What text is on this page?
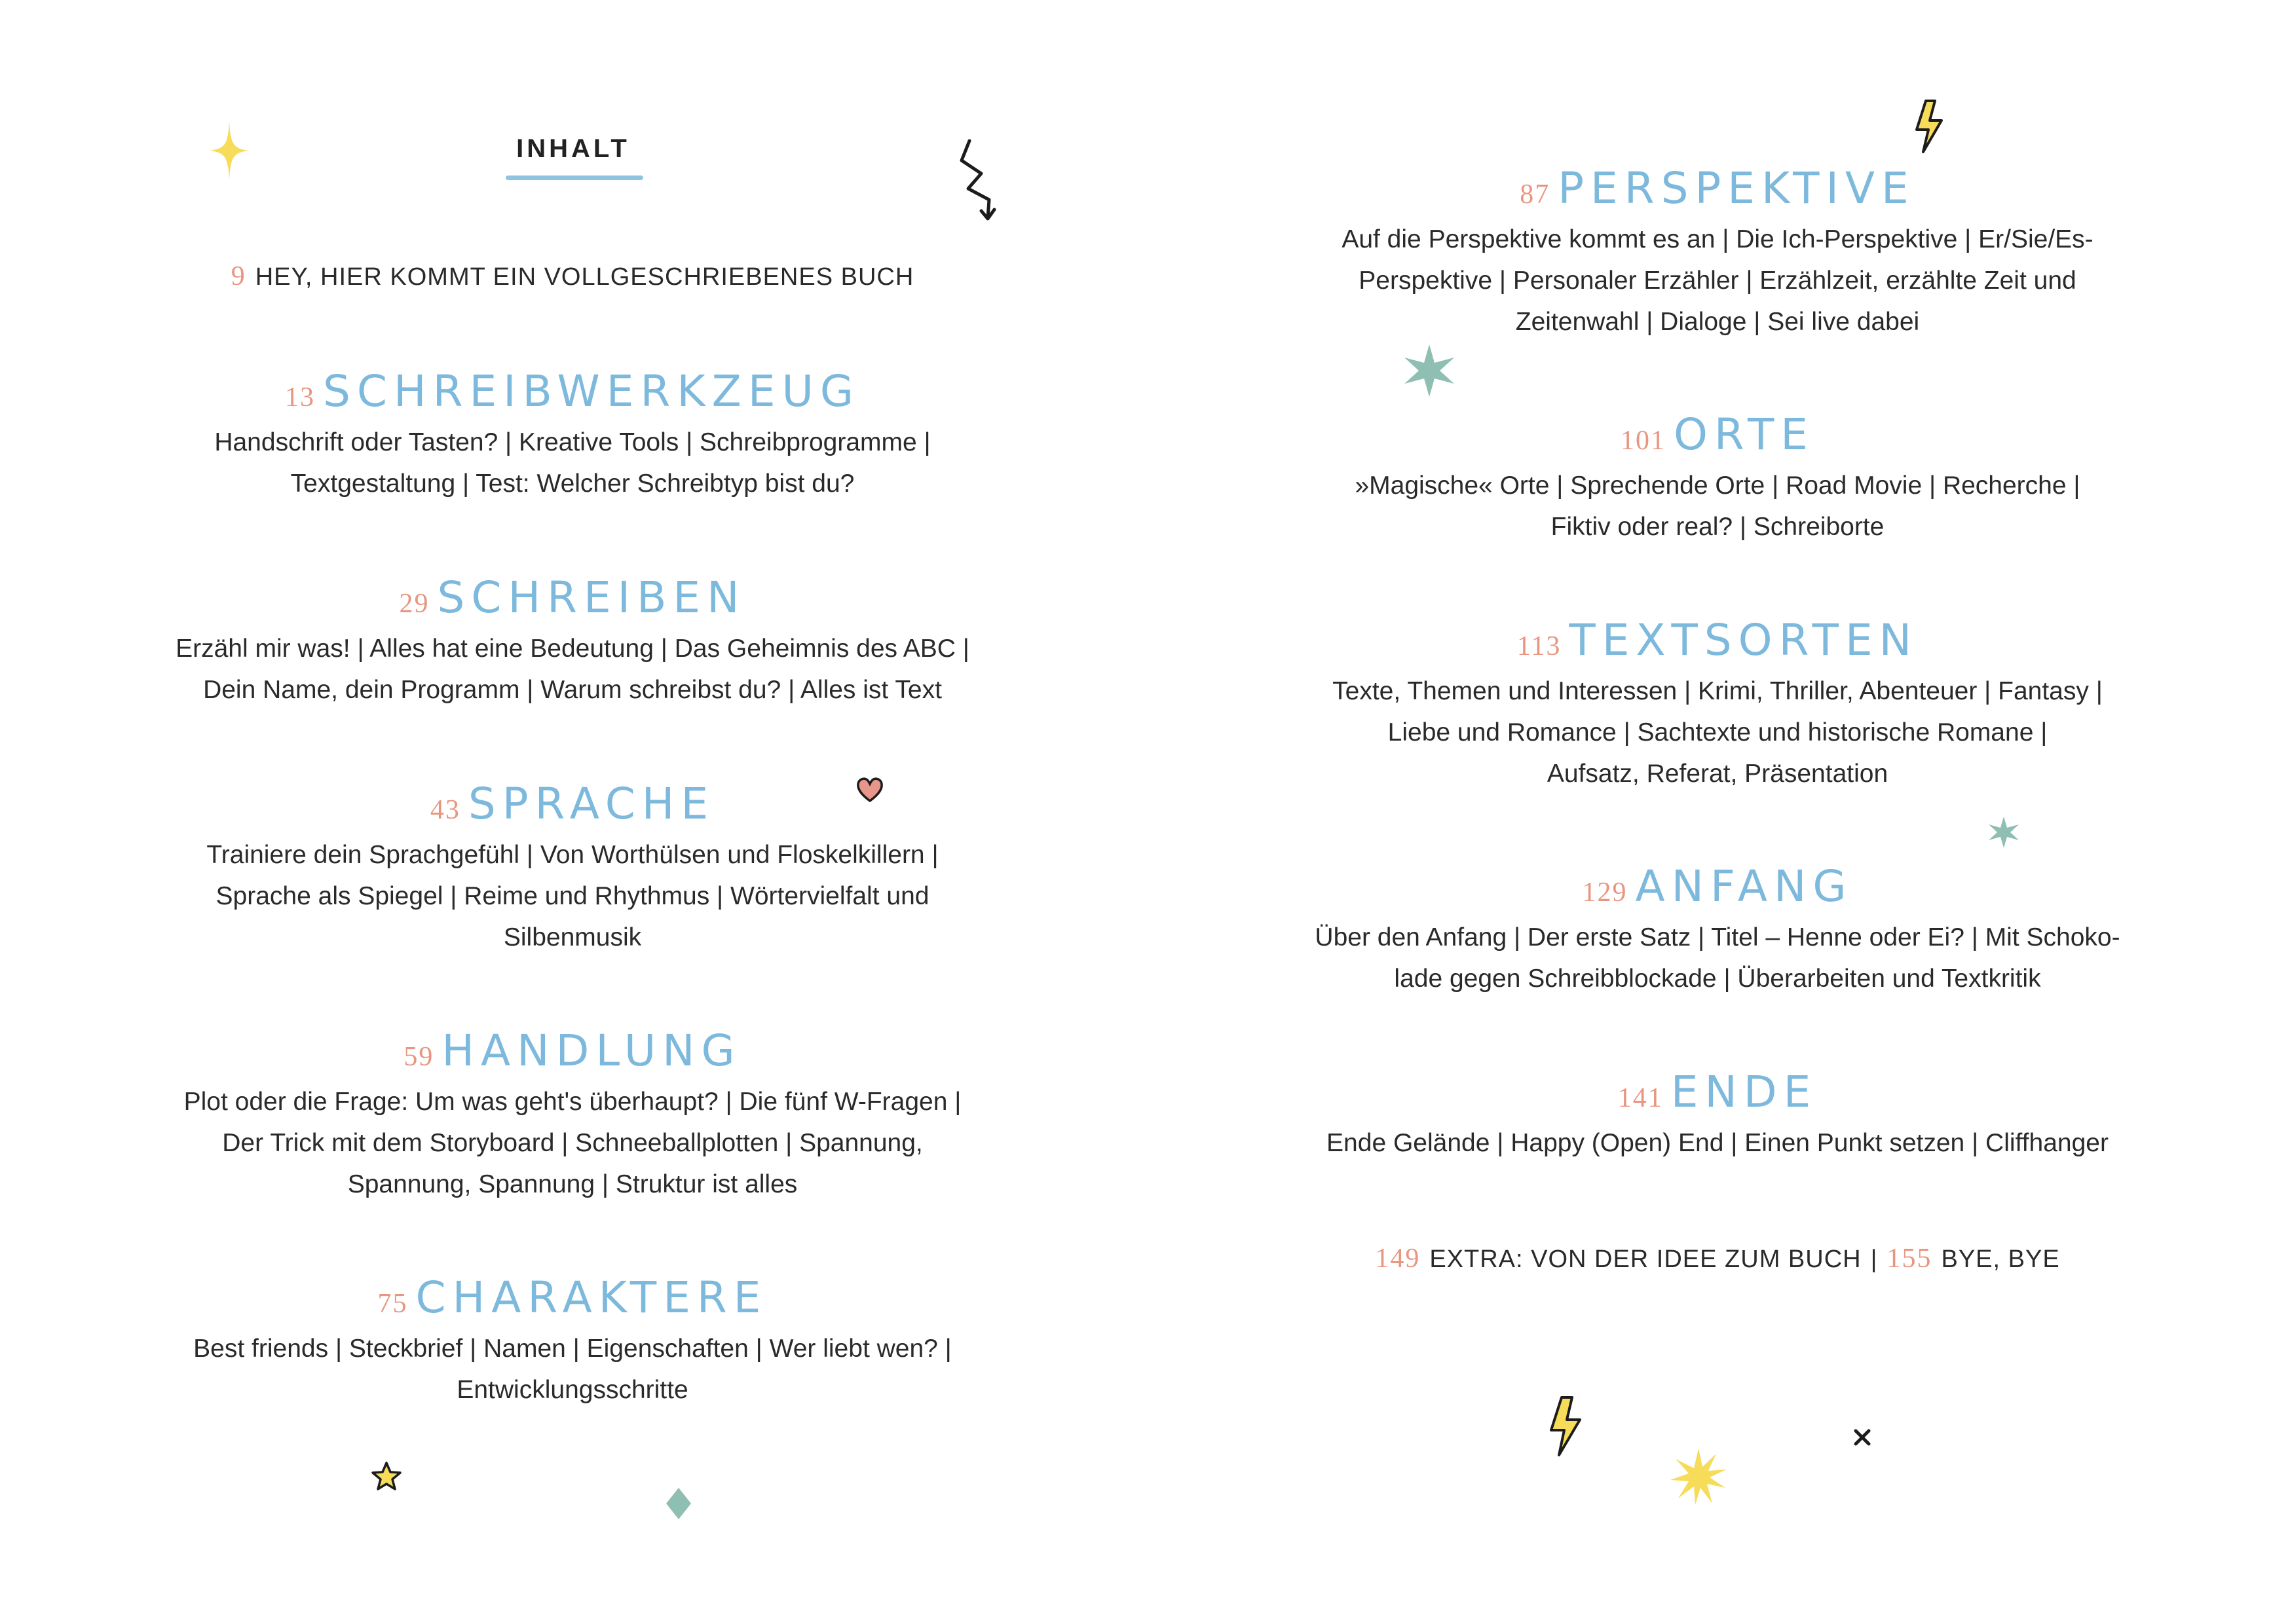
INHALT
9 HEY, HIER KOMMT EIN VOLLGESCHRIEBENES BUCH
13 SCHREIBWERKZEUG
Handschrift oder Tasten? | Kreative Tools | Schreibprogramme |
Textgestaltung | Test: Welcher Schreibtyp bist du?
29 SCHREIBEN
Erzähl mir was! | Alles hat eine Bedeutung | Das Geheimnis des ABC |
Dein Name, dein Programm | Warum schreibst du? | Alles ist Text
43 SPRACHE
Trainiere dein Sprachgefühl | Von Worthülsen und Floskelkillern |
Sprache als Spiegel | Reime und Rhythmus | Wörtervielfalt und
Silbenmusik
59 HANDLUNG
Plot oder die Frage: Um was geht's überhaupt? | Die fünf W-Fragen |
Der Trick mit dem Storyboard | Schneeballplotten | Spannung,
Spannung, Spannung | Struktur ist alles
75 CHARAKTERE
Best friends | Steckbrief | Namen | Eigenschaften | Wer liebt wen? |
Entwicklungsschritte
87 PERSPEKTIVE
Auf die Perspektive kommt es an | Die Ich-Perspektive | Er/Sie/Es-
Perspektive | Personaler Erzähler | Erzählzeit, erzählte Zeit und
Zeitenwahl | Dialoge | Sei live dabei
101 ORTE
»Magische« Orte | Sprechende Orte | Road Movie | Recherche |
Fiktiv oder real? | Schreiborte
113 TEXTSORTEN
Texte, Themen und Interessen | Krimi, Thriller, Abenteuer | Fantasy |
Liebe und Romance | Sachtexte und historische Romane |
Aufsatz, Referat, Präsentation
129 ANFANG
Über den Anfang | Der erste Satz | Titel – Henne oder Ei? | Mit Schoko-
lade gegen Schreibblockade | Überarbeiten und Textkritik
141 ENDE
Ende Gelände | Happy (Open) End | Einen Punkt setzen | Cliffhanger
149 EXTRA: VON DER IDEE ZUM BUCH | 155 BYE, BYE
